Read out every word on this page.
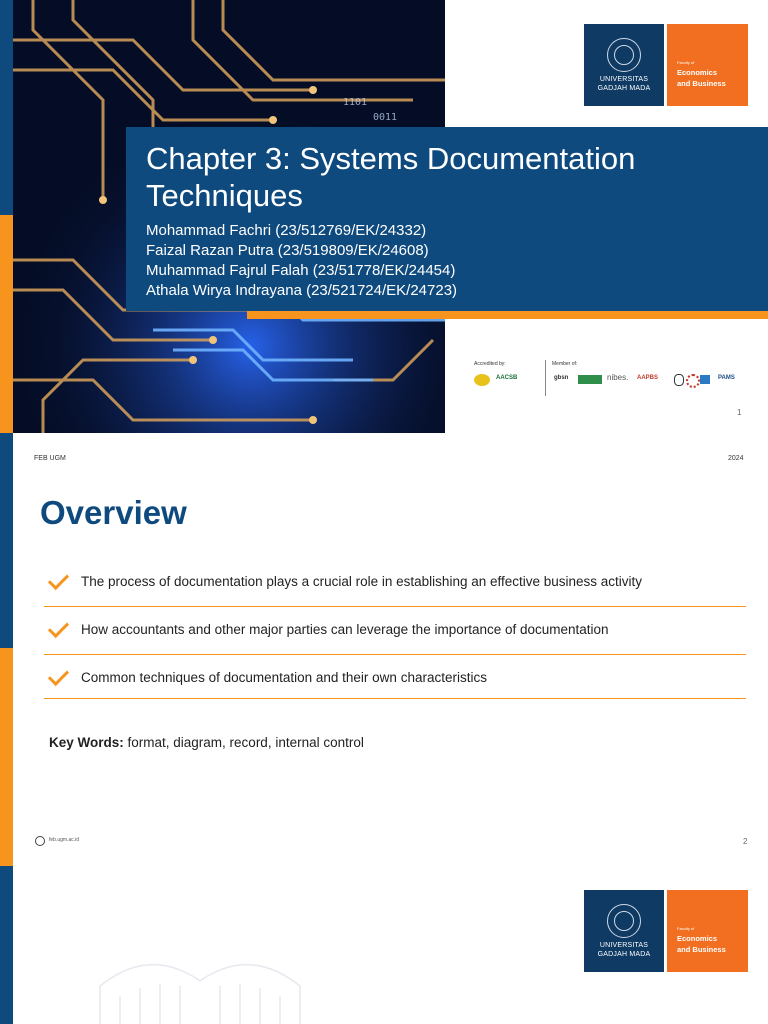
1101
0011
Chapter 3: Systems Documentation Techniques
Mohammad Fachri (23/512769/EK/24332)
Faizal Razan Putra (23/519809/EK/24608)
Muhammad Fajrul Falah (23/51778/EK/24454)
Athala Wirya Indrayana (23/521724/EK/24723)
UNIVERSITAS
GADJAH MADA
Faculty of
Economics
and Business
Accredited by:	Member of:
AACSB	gbsn	nibes. AAPBS	PAMS
1
FEB UGM	2024
Overview
The process of documentation plays a crucial role in establishing an effective business activity
How accountants and other major parties can leverage the importance of documentation
Common techniques of documentation and their own characteristics
Key Words: format, diagram, record, internal control
feb.ugm.ac.id	2
UNIVERSITAS
GADJAH MADA
Faculty of
Economics
and Business
